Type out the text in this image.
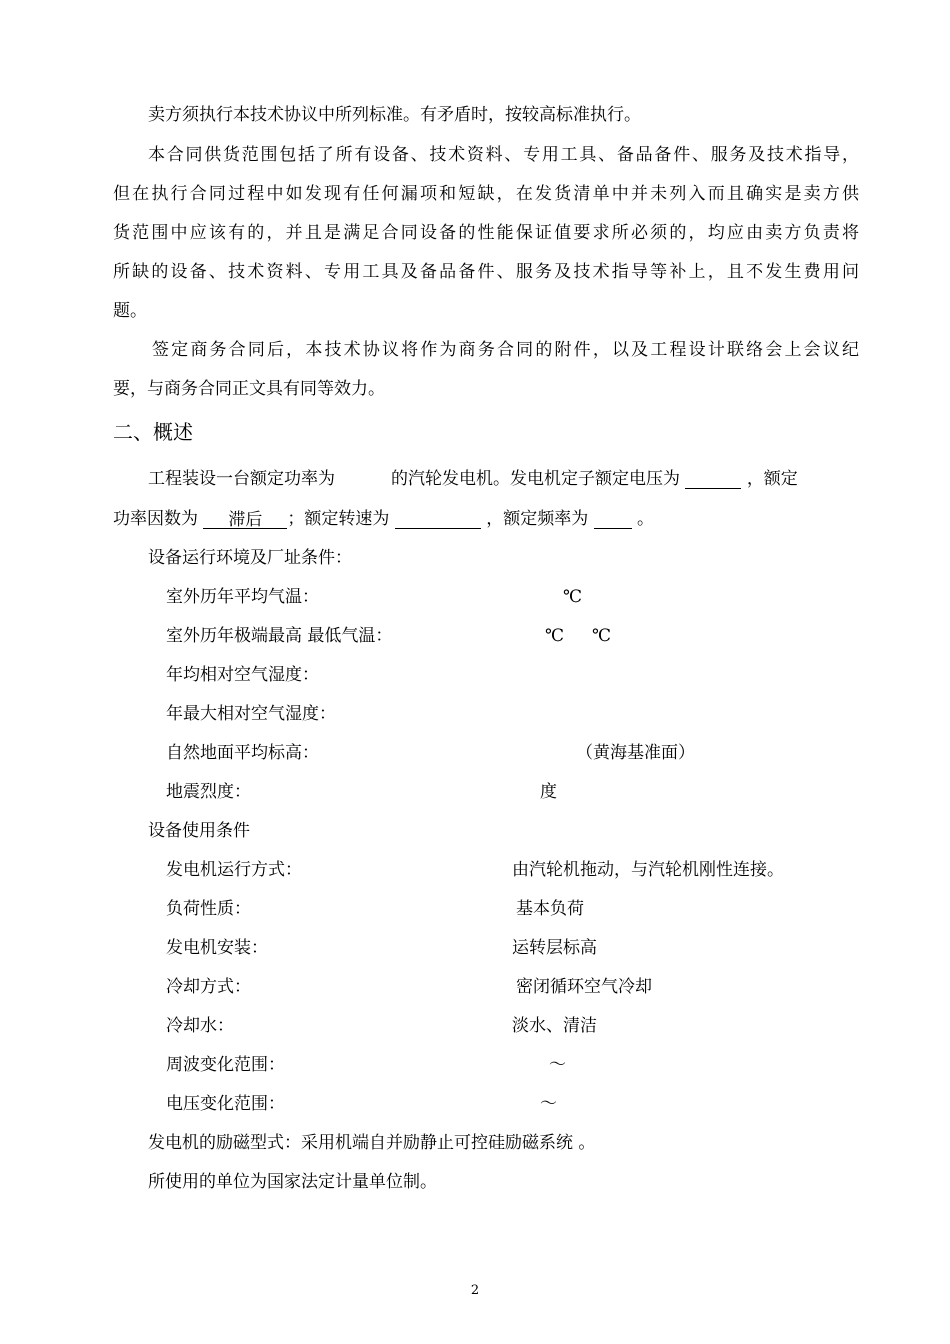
卖方须执行本技术协议中所列标准。有矛盾时，按较高标准执行。
本合同供货范围包括了所有设备、技术资料、专用工具、备品备件、服务及技术指导，
但在执行合同过程中如发现有任何漏项和短缺，在发货清单中并未列入而且确实是卖方供
货范围中应该有的，并且是满足合同设备的性能保证值要求所必须的，均应由卖方负责将
所缺的设备、技术资料、专用工具及备品备件、服务及技术指导等补上，且不发生费用问
题。
签定商务合同后，本技术协议将作为商务合同的附件，以及工程设计联络会上会议纪
要，与商务合同正文具有同等效力。
二、概述
工程装设一台额定功率为	的汽轮发电机。发电机定子额定电压为	，额定
功率因数为 滞后 ；额定转速为	，额定频率为	。
设备运行环境及厂址条件：
室外历年平均气温：	℃
室外历年极端最高 最低气温：	℃ ℃
年均相对空气湿度：
年最大相对空气湿度：
自然地面平均标高：	（黄海基准面）
地震烈度：	度
设备使用条件
发电机运行方式：	由汽轮机拖动，与汽轮机刚性连接。
负荷性质：	基本负荷
发电机安装：	运转层标高
冷却方式：	密闭循环空气冷却
冷却水：	淡水、清洁
周波变化范围：	～
电压变化范围：	～
发电机的励磁型式：采用机端自并励静止可控硅励磁系统 。
所使用的单位为国家法定计量单位制。
2
